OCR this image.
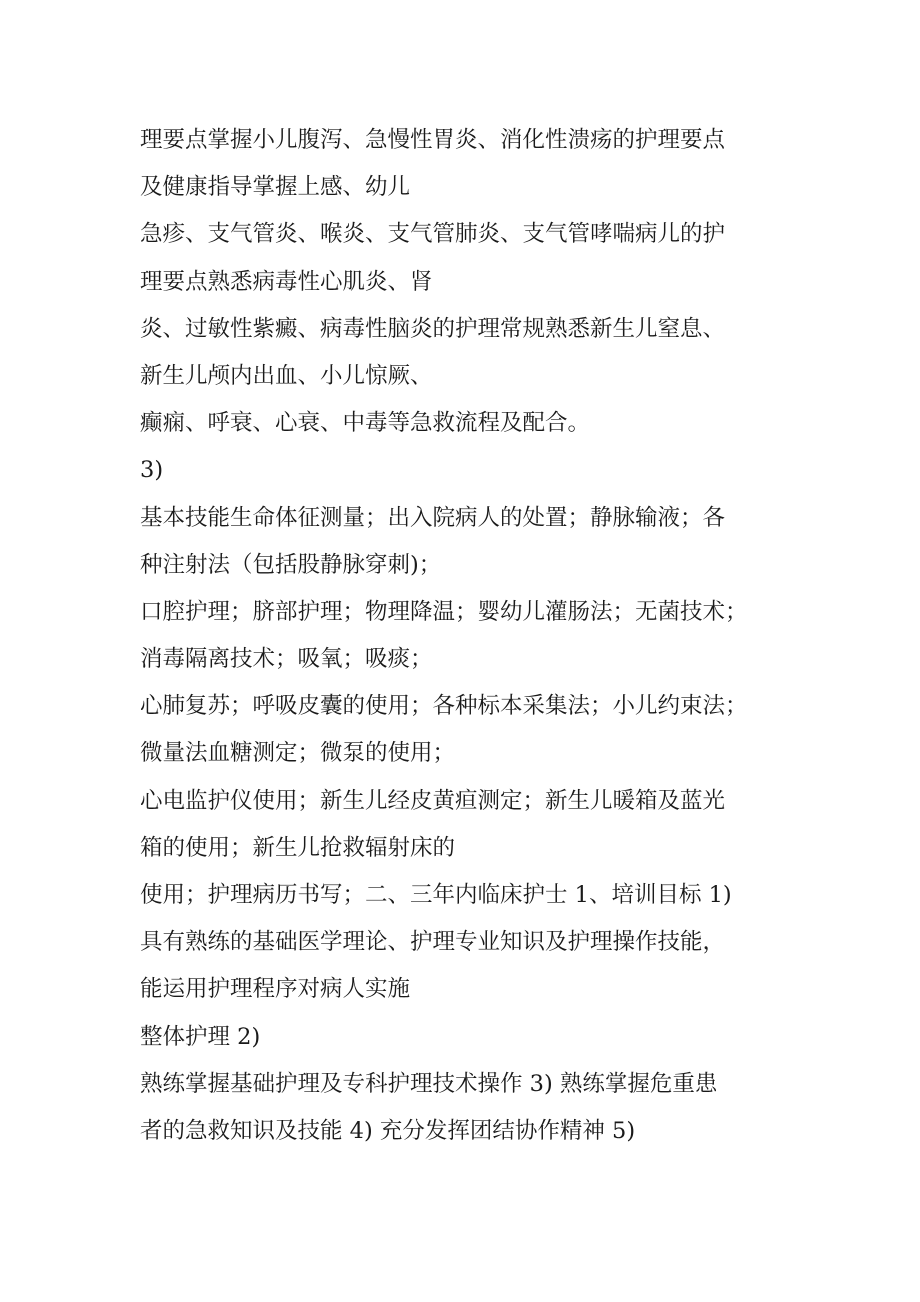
理要点掌握小儿腹泻、急慢性胃炎、消化性溃疡的护理要点
及健康指导掌握上感、幼儿
急疹、支气管炎、喉炎、支气管肺炎、支气管哮喘病儿的护
理要点熟悉病毒性心肌炎、肾
炎、过敏性紫癜、病毒性脑炎的护理常规熟悉新生儿窒息、
新生儿颅内出血、小儿惊厥、
癫痫、呼衰、心衰、中毒等急救流程及配合。
3)
基本技能生命体征测量；出入院病人的处置；静脉输液；各
种注射法（包括股静脉穿刺)；
口腔护理；脐部护理；物理降温；婴幼儿灌肠法；无菌技术；
消毒隔离技术；吸氧；吸痰；
心肺复苏；呼吸皮囊的使用；各种标本采集法；小儿约束法；
微量法血糖测定；微泵的使用；
心电监护仪使用；新生儿经皮黄疸测定；新生儿暖箱及蓝光
箱的使用；新生儿抢救辐射床的
使用；护理病历书写；二、三年内临床护士 1、培训目标 1)
具有熟练的基础医学理论、护理专业知识及护理操作技能，
能运用护理程序对病人实施
整体护理 2)
熟练掌握基础护理及专科护理技术操作 3) 熟练掌握危重患
者的急救知识及技能 4) 充分发挥团结协作精神 5)
